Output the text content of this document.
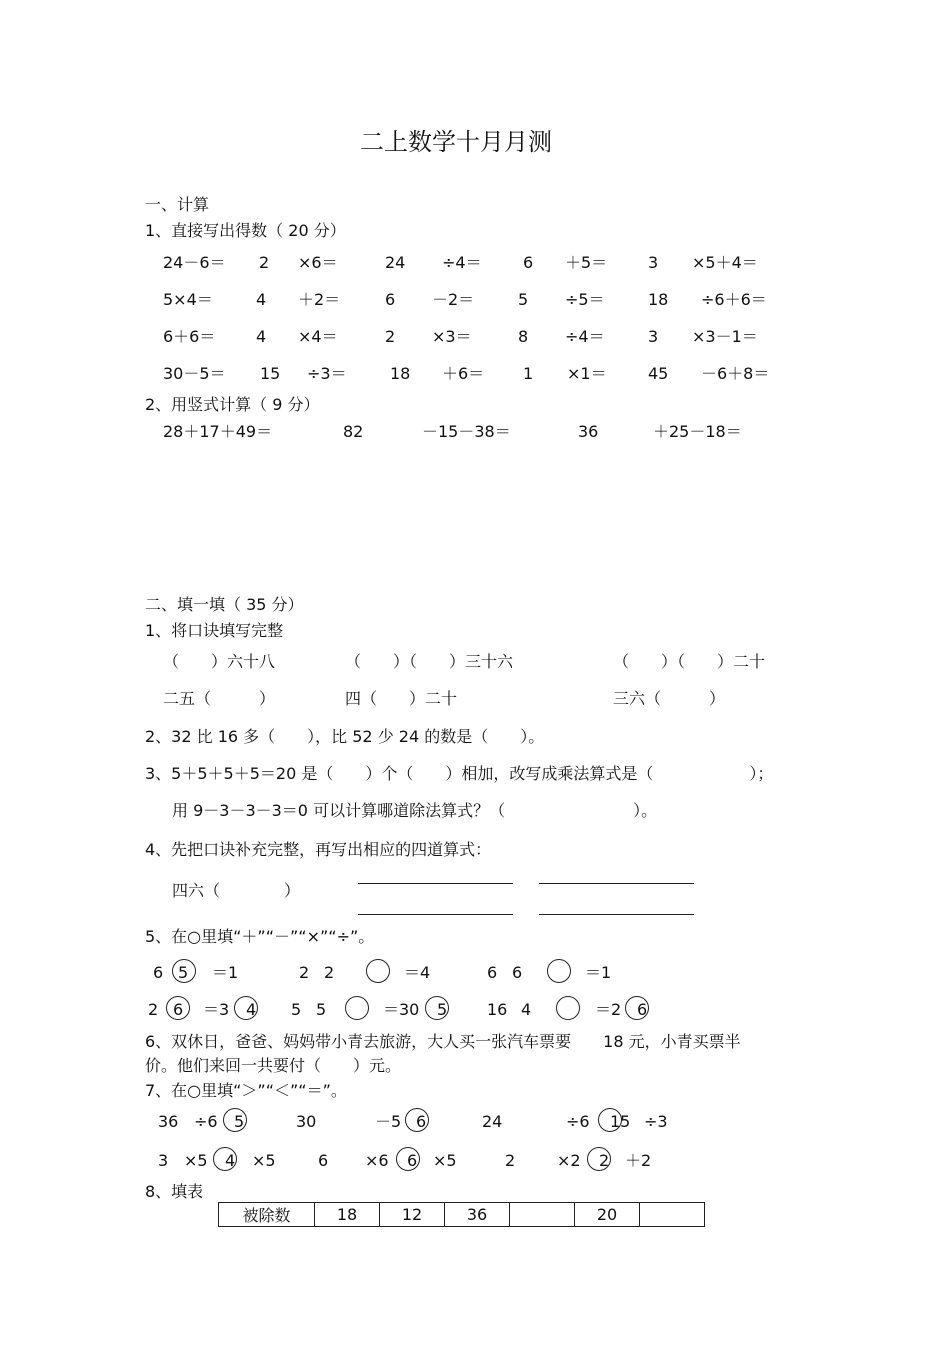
二上数学十月月测
一、计算
1、直接写出得数（ 20 分）
24－6＝ 2 ×6＝	24 ÷4＝	6 ＋5＝	3 ×5＋4＝
5×4＝	4 ＋2＝	6 －2＝	5 ÷5＝	18 ÷6＋6＝
6＋6＝	4 ×4＝	2 ×3＝	8 ÷4＝	3 ×3－1＝
30－5＝ 15 ÷3＝	18 ＋6＝ 1 ×1＝	45 －6＋8＝
2、用竖式计算（ 9 分）
28＋17＋49＝	82	－15－38＝	36	＋25－18＝
二、填一填（ 35 分）
1、将口诀填写完整
（　　）六十八	（　　）（　　）三十六	（　　）（　　）二十
二五（　　　）	四（　　）二十	三六（　　　）
2、32 比 16 多（　　），比 52 少 24 的数是（　　）。
3、5＋5＋5＋5＝20 是（　　）个（　　）相加，改写成乘法算式是（　　　　　　）；
用 9－3－3－3＝0 可以计算哪道除法算式？（　　　　　　　　）。
4、先把口诀补充完整，再写出相应的四道算式：
四六（　　　　）
5、在○里填“＋”“－”“×”“÷”。
6 5 ＝1	2 2	＝4	6 6	＝1
2 6 ＝3 4 5 5	＝30 5 16 4	＝2 6
6、双休日，爸爸、妈妈带小青去旅游，大人买一张汽车票要　　18 元，小青买票半
价。他们来回一共要付（　　）元。
7、在○里填“＞”“＜”“＝”。
36 ÷6 5	30	－5 6	24	÷6 15 ÷3
3 ×5 4 ×5	6 ×6 6 ×5	2	×2 2 ＋2
8、填表
被除数	18	12	36		20	
